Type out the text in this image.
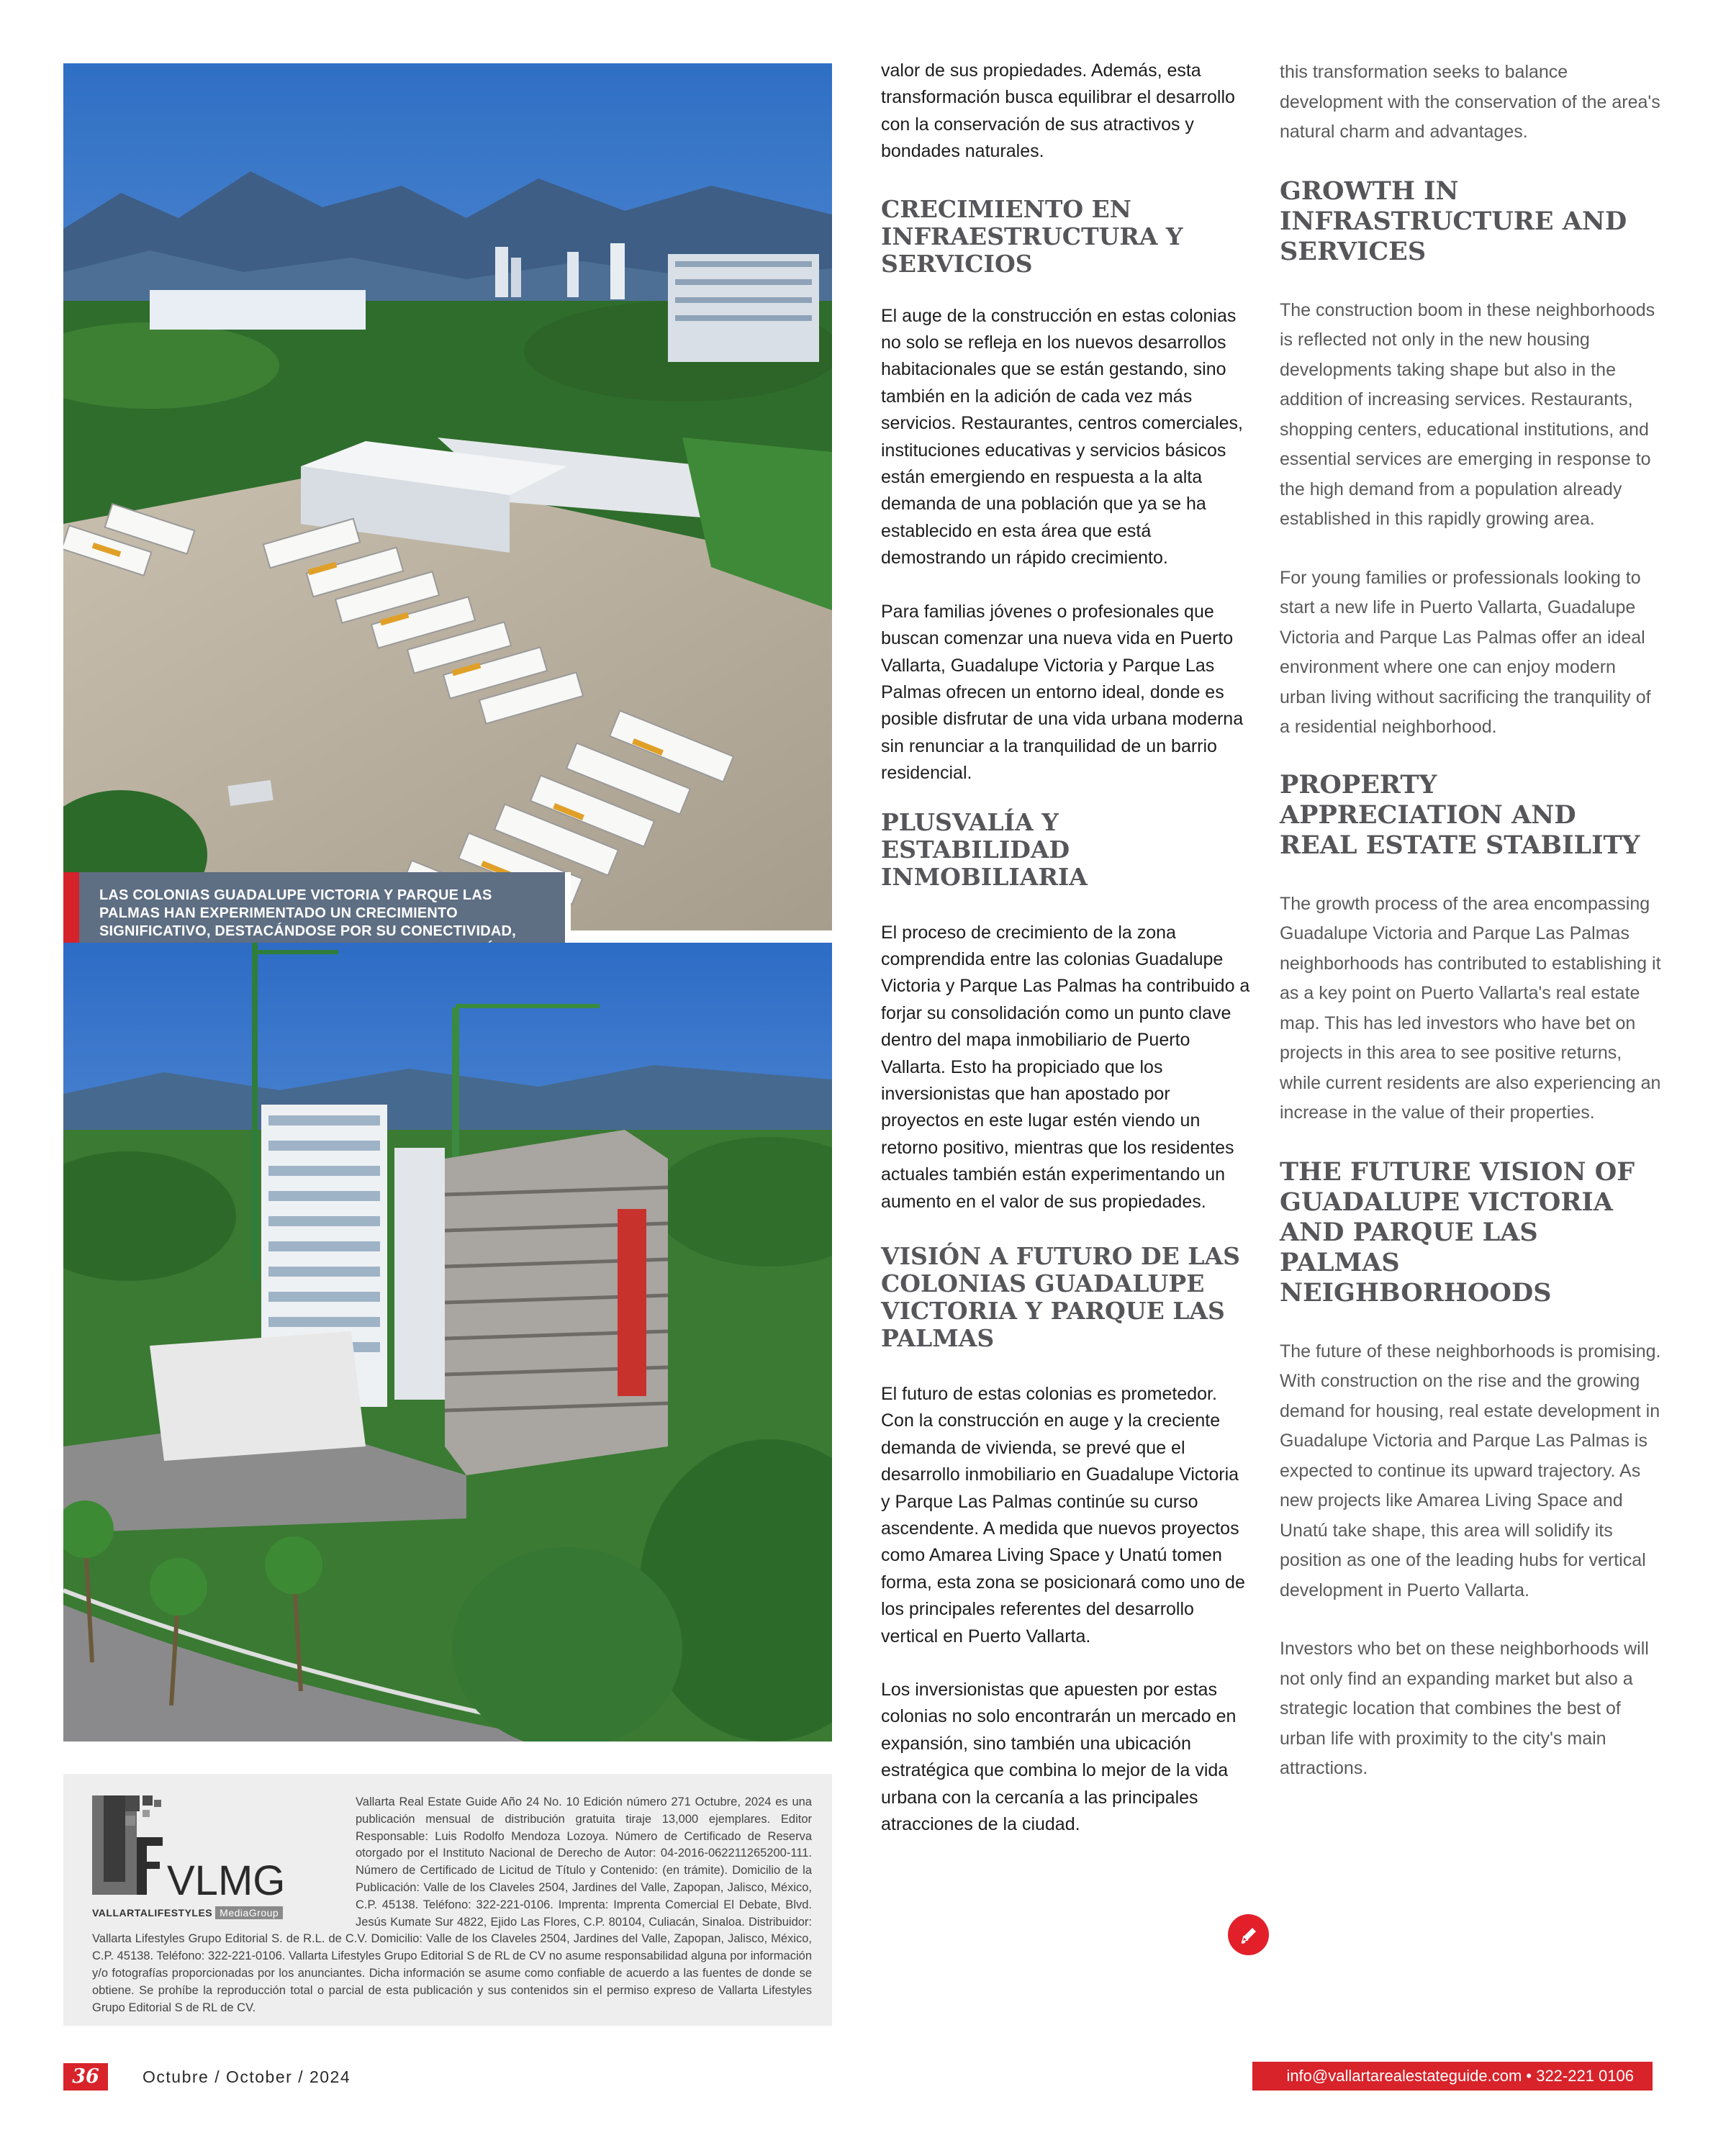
LAS COLONIAS GUADALUPE VICTORIA Y PARQUE LAS PALMAS HAN EXPERIMENTADO UN CRECIMIENTO SIGNIFICATIVO, DESTACÁNDOSE POR SU CONECTIVIDAD,

valor de sus propiedades. Además, esta transformación busca equilibrar el desarrollo con la conservación de sus atractivos y bondades naturales.

CRECIMIENTO EN INFRAESTRUCTURA Y SERVICIOS

El auge de la construcción en estas colonias no solo se refleja en los nuevos desarrollos habitacionales que se están gestando, sino también en la adición de cada vez más servicios. Restaurantes, centros comerciales, instituciones educativas y servicios básicos están emergiendo en respuesta a la alta demanda de una población que ya se ha establecido en esta área que está demostrando un rápido crecimiento.

Para familias jóvenes o profesionales que buscan comenzar una nueva vida en Puerto Vallarta, Guadalupe Victoria y Parque Las Palmas ofrecen un entorno ideal, donde es posible disfrutar de una vida urbana moderna sin renunciar a la tranquilidad de un barrio residencial.

PLUSVALÍA Y ESTABILIDAD INMOBILIARIA

El proceso de crecimiento de la zona comprendida entre las colonias Guadalupe Victoria y Parque Las Palmas ha contribuido a forjar su consolidación como un punto clave dentro del mapa inmobiliario de Puerto Vallarta. Esto ha propiciado que los inversionistas que han apostado por proyectos en este lugar estén viendo un retorno positivo, mientras que los residentes actuales también están experimentando un aumento en el valor de sus propiedades.

VISIÓN A FUTURO DE LAS COLONIAS GUADALUPE VICTORIA Y PARQUE LAS PALMAS

El futuro de estas colonias es prometedor. Con la construcción en auge y la creciente demanda de vivienda, se prevé que el desarrollo inmobiliario en Guadalupe Victoria y Parque Las Palmas continúe su curso ascendente. A medida que nuevos proyectos como Amarea Living Space y Unatú tomen forma, esta zona se posicionará como uno de los principales referentes del desarrollo vertical en Puerto Vallarta.

Los inversionistas que apuesten por estas colonias no solo encontrarán un mercado en expansión, sino también una ubicación estratégica que combina lo mejor de la vida urbana con la cercanía a las principales atracciones de la ciudad.

this transformation seeks to balance development with the conservation of the area's natural charm and advantages.

GROWTH IN INFRASTRUCTURE AND SERVICES

The construction boom in these neighborhoods is reflected not only in the new housing developments taking shape but also in the addition of increasing services. Restaurants, shopping centers, educational institutions, and essential services are emerging in response to the high demand from a population already established in this rapidly growing area.

For young families or professionals looking to start a new life in Puerto Vallarta, Guadalupe Victoria and Parque Las Palmas offer an ideal environment where one can enjoy modern urban living without sacrificing the tranquility of a residential neighborhood.

PROPERTY APPRECIATION AND REAL ESTATE STABILITY

The growth process of the area encompassing Guadalupe Victoria and Parque Las Palmas neighborhoods has contributed to establishing it as a key point on Puerto Vallarta's real estate map. This has led investors who have bet on projects in this area to see positive returns, while current residents are also experiencing an increase in the value of their properties.

THE FUTURE VISION OF GUADALUPE VICTORIA AND PARQUE LAS PALMAS NEIGHBORHOODS

The future of these neighborhoods is promising. With construction on the rise and the growing demand for housing, real estate development in Guadalupe Victoria and Parque Las Palmas is expected to continue its upward trajectory. As new projects like Amarea Living Space and Unatú take shape, this area will solidify its position as one of the leading hubs for vertical development in Puerto Vallarta.

Investors who bet on these neighborhoods will not only find an expanding market but also a strategic location that combines the best of urban life with proximity to the city's main attractions.

VLMG
VALLARTALIFESTYLES MediaGroup
Vallarta Real Estate Guide Año 24 No. 10 Edición número 271 Octubre, 2024 es una publicación mensual de distribución gratuita tiraje 13,000 ejemplares. Editor Responsable: Luis Rodolfo Mendoza Lozoya. Número de Certificado de Reserva otorgado por el Instituto Nacional de Derecho de Autor: 04-2016-062211265200-111. Número de Certificado de Licitud de Título y Contenido: (en trámite). Domicilio de la Publicación: Valle de los Claveles 2504, Jardines del Valle, Zapopan, Jalisco, México, C.P. 45138. Teléfono: 322-221-0106. Imprenta: Imprenta Comercial El Debate, Blvd. Jesús Kumate Sur 4822, Ejido Las Flores, C.P. 80104, Culiacán, Sinaloa. Distribuidor: Vallarta Lifestyles Grupo Editorial S. de R.L. de C.V. Domicilio: Valle de los Claveles 2504, Jardines del Valle, Zapopan, Jalisco, México, C.P. 45138. Teléfono: 322-221-0106. Vallarta Lifestyles Grupo Editorial S de RL de CV no asume responsabilidad alguna por información y/o fotografías proporcionadas por los anunciantes. Dicha información se asume como confiable de acuerdo a las fuentes de donde se obtiene. Se prohíbe la reproducción total o parcial de esta publicación y sus contenidos sin el permiso expreso de Vallarta Lifestyles Grupo Editorial S de RL de CV.
36	Octubre / October / 2024	info@vallartarealestateguide.com • 322-221 0106
